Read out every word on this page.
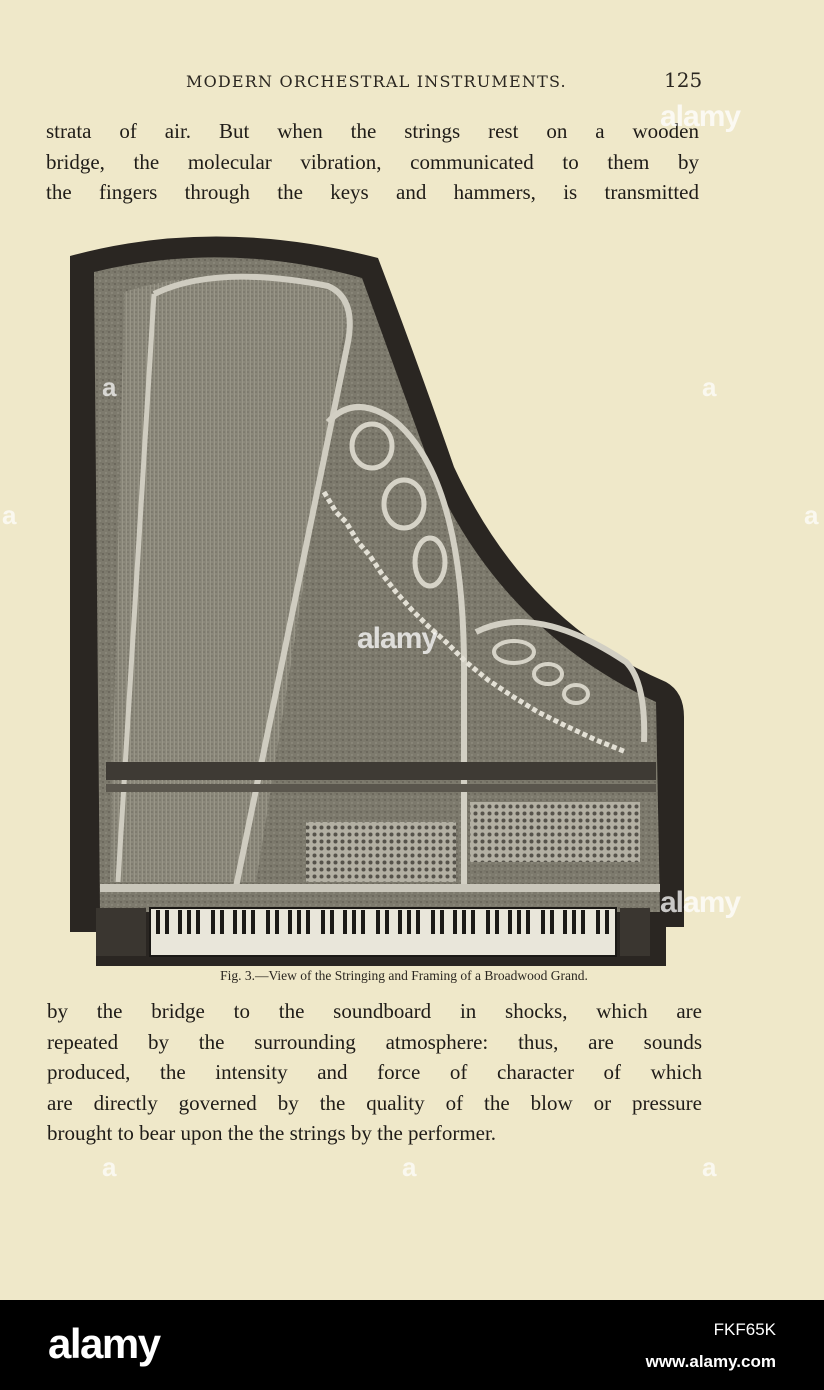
MODERN ORCHESTRAL INSTRUMENTS.	125

strata of air. But when the strings rest on a wooden

bridge, the molecular vibration, communicated to them by

the fingers through the keys and hammers, is transmitted

Fig. 3.—View of the Stringing and Framing of a Broadwood Grand.

by the bridge to the soundboard in shocks, which are

repeated by the surrounding atmosphere: thus, are sounds

produced, the intensity and force of character of which

are directly governed by the quality of the blow or pressure

brought to bear upon the the strings by the performer.

alamy
alamy
alamy
a	a
a	a
a	a	a
alamy	FKF65K
www.alamy.com
